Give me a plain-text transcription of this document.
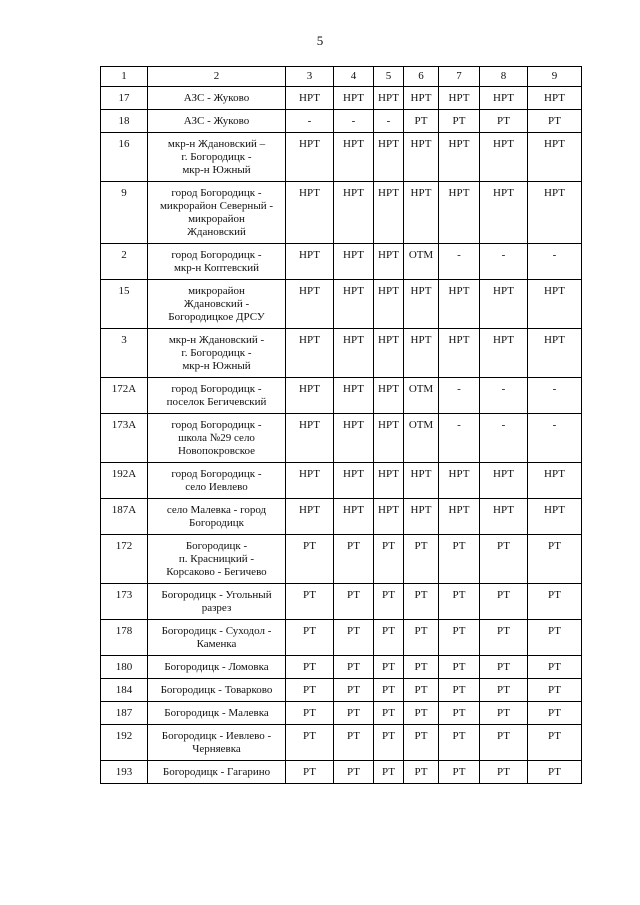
5
1	2	3	4	5	6	7	8	9
17	АЗС - Жуково	НРТ	НРТ	НРТ	НРТ	НРТ	НРТ	НРТ
18	АЗС - Жуково	-	-	-	РТ	РТ	РТ	РТ
16	мкр-н Ждановский –
г. Богородицк -
мкр-н Южный	НРТ	НРТ	НРТ	НРТ	НРТ	НРТ	НРТ
9	город Богородицк -
микрорайон Северный -
микрорайон
Ждановский	НРТ	НРТ	НРТ	НРТ	НРТ	НРТ	НРТ
2	город Богородицк -
мкр-н Коптевский	НРТ	НРТ	НРТ	ОТМ	-	-	-
15	микрорайон
Ждановский -
Богородицкое ДРСУ	НРТ	НРТ	НРТ	НРТ	НРТ	НРТ	НРТ
3	мкр-н Ждановский -
г. Богородицк -
мкр-н Южный	НРТ	НРТ	НРТ	НРТ	НРТ	НРТ	НРТ
172А	город Богородицк -
поселок Бегичевский	НРТ	НРТ	НРТ	ОТМ	-	-	-
173А	город Богородицк -
школа №29 село
Новопокровское	НРТ	НРТ	НРТ	ОТМ	-	-	-
192А	город Богородицк -
село Иевлево	НРТ	НРТ	НРТ	НРТ	НРТ	НРТ	НРТ
187А	село Малевка - город
Богородицк	НРТ	НРТ	НРТ	НРТ	НРТ	НРТ	НРТ
172	Богородицк -
п. Красницкий -
Корсаково - Бегичево	РТ	РТ	РТ	РТ	РТ	РТ	РТ
173	Богородицк - Угольный
разрез	РТ	РТ	РТ	РТ	РТ	РТ	РТ
178	Богородицк - Суходол -
Каменка	РТ	РТ	РТ	РТ	РТ	РТ	РТ
180	Богородицк - Ломовка	РТ	РТ	РТ	РТ	РТ	РТ	РТ
184	Богородицк - Товарково	РТ	РТ	РТ	РТ	РТ	РТ	РТ
187	Богородицк - Малевка	РТ	РТ	РТ	РТ	РТ	РТ	РТ
192	Богородицк - Иевлево -
Черняевка	РТ	РТ	РТ	РТ	РТ	РТ	РТ
193	Богородицк - Гагарино	РТ	РТ	РТ	РТ	РТ	РТ	РТ
